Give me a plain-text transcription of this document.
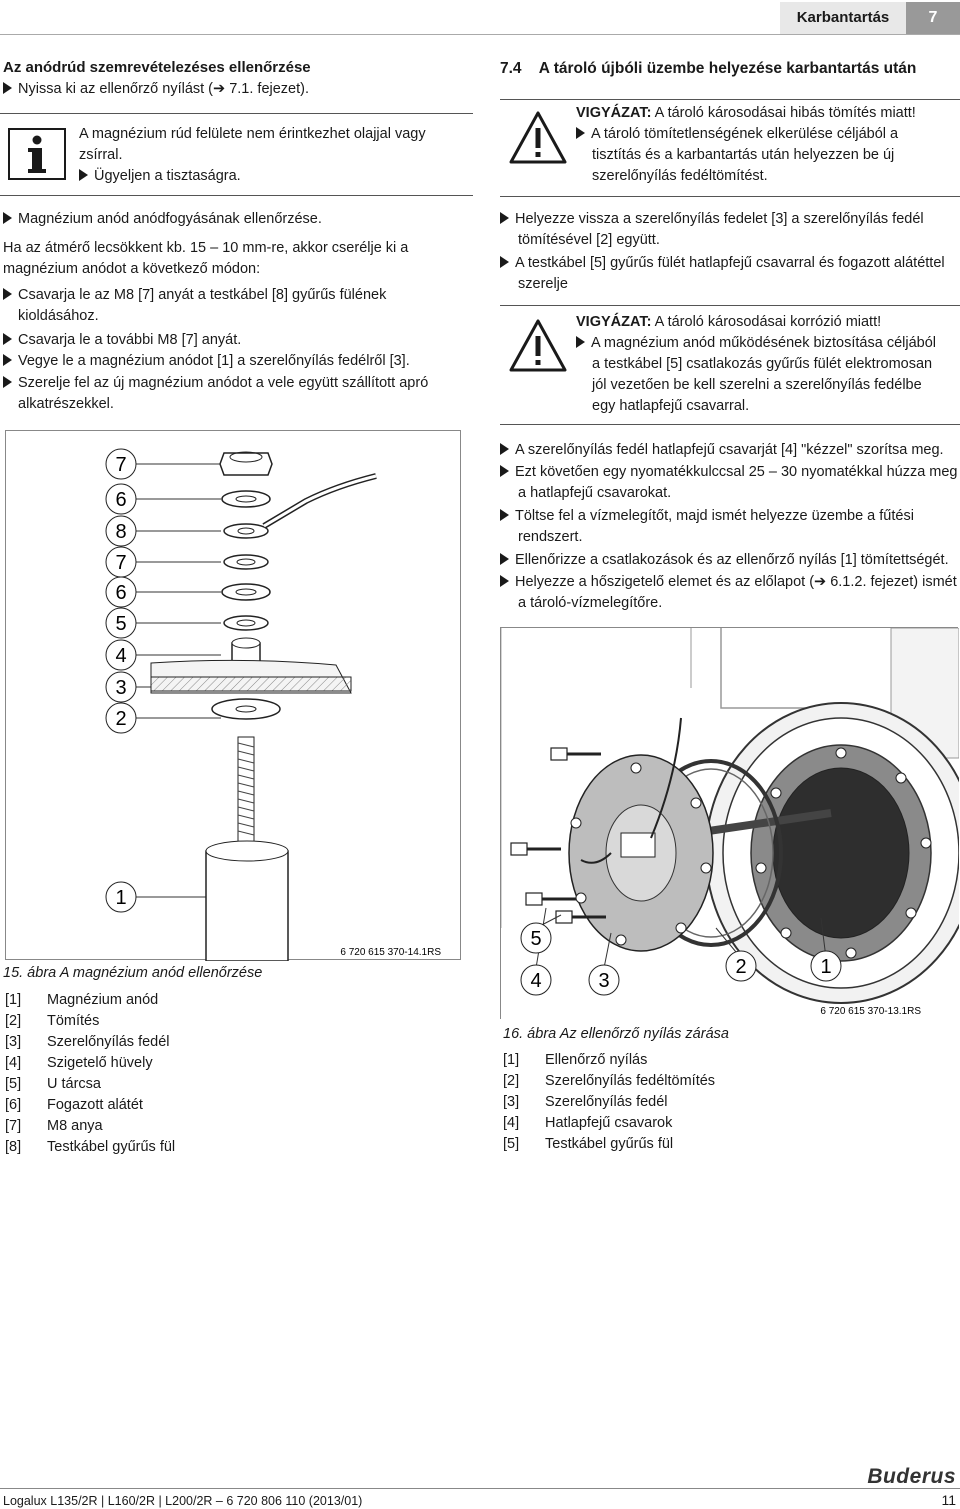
Karbantartás	7
Az anódrúd szemrevételezéses ellenőrzése
Nyissa ki az ellenőrző nyílást (➔ 7.1. fejezet).
A magnézium rúd felülete nem érintkezhet olajjal vagy
zsírral.
Ügyeljen a tisztaságra.
Magnézium anód anódfogyásának ellenőrzése.
Ha az átmérő lecsökkent kb. 15 – 10 mm-re, akkor cserélje ki a
magnézium anódot a következő módon:
Csavarja le az M8 [7] anyát a testkábel [8] gyűrűs fülének
kioldásához.
Csavarja le a további M8 [7] anyát.
Vegye le a magnézium anódot [1] a szerelőnyílás fedélről [3].
Szerelje fel az új magnézium anódot a vele együtt szállított apró
alkatrészekkel.
7
6
8
7
6
5
4
3
2
1
6 720 615 370-14.1RS
15. ábra A magnézium anód ellenőrzése
[1] Magnézium anód
[2] Tömítés
[3] Szerelőnyílás fedél
[4] Szigetelő hüvely
[5] U tárcsa
[6] Fogazott alátét
[7] M8 anya
[8] Testkábel gyűrűs fül
7.4 A tároló újbóli üzembe helyezése karbantartás után
VIGYÁZAT: A tároló károsodásai hibás tömítés miatt!
A tároló tömítetlenségének elkerülése céljából a
tisztítás és a karbantartás után helyezzen be új
szerelőnyílás fedéltömítést.
Helyezze vissza a szerelőnyílás fedelet [3] a szerelőnyílás fedél
tömítésével [2] együtt.
A testkábel [5] gyűrűs fülét hatlapfejű csavarral és fogazott alátéttel
szerelje
VIGYÁZAT: A tároló károsodásai korrózió miatt!
A magnézium anód működésének biztosítása céljából
a testkábel [5] csatlakozás gyűrűs fülét elektromosan
jól vezetően be kell szerelni a szerelőnyílás fedélbe
egy hatlapfejű csavarral.
A szerelőnyílás fedél hatlapfejű csavarját [4] "kézzel" szorítsa meg.
Ezt követően egy nyomatékkulccsal 25 – 30 nyomatékkal húzza meg
a hatlapfejű csavarokat.
Töltse fel a vízmelegítőt, majd ismét helyezze üzembe a fűtési
rendszert.
Ellenőrizze a csatlakozások és az ellenőrző nyílás [1] tömítettségét.
Helyezze a hőszigetelő elemet és az előlapot (➔ 6.1.2. fejezet) ismét
a tároló-vízmelegítőre.
5
4	3
2	1
6 720 615 370-13.1RS
16. ábra Az ellenőrző nyílás zárása
[1] Ellenőrző nyílás
[2] Szerelőnyílás fedéltömítés
[3] Szerelőnyílás fedél
[4] Hatlapfejű csavarok
[5] Testkábel gyűrűs fül
Buderus
Logalux L135/2R | L160/2R | L200/2R – 6 720 806 110 (2013/01)	11
